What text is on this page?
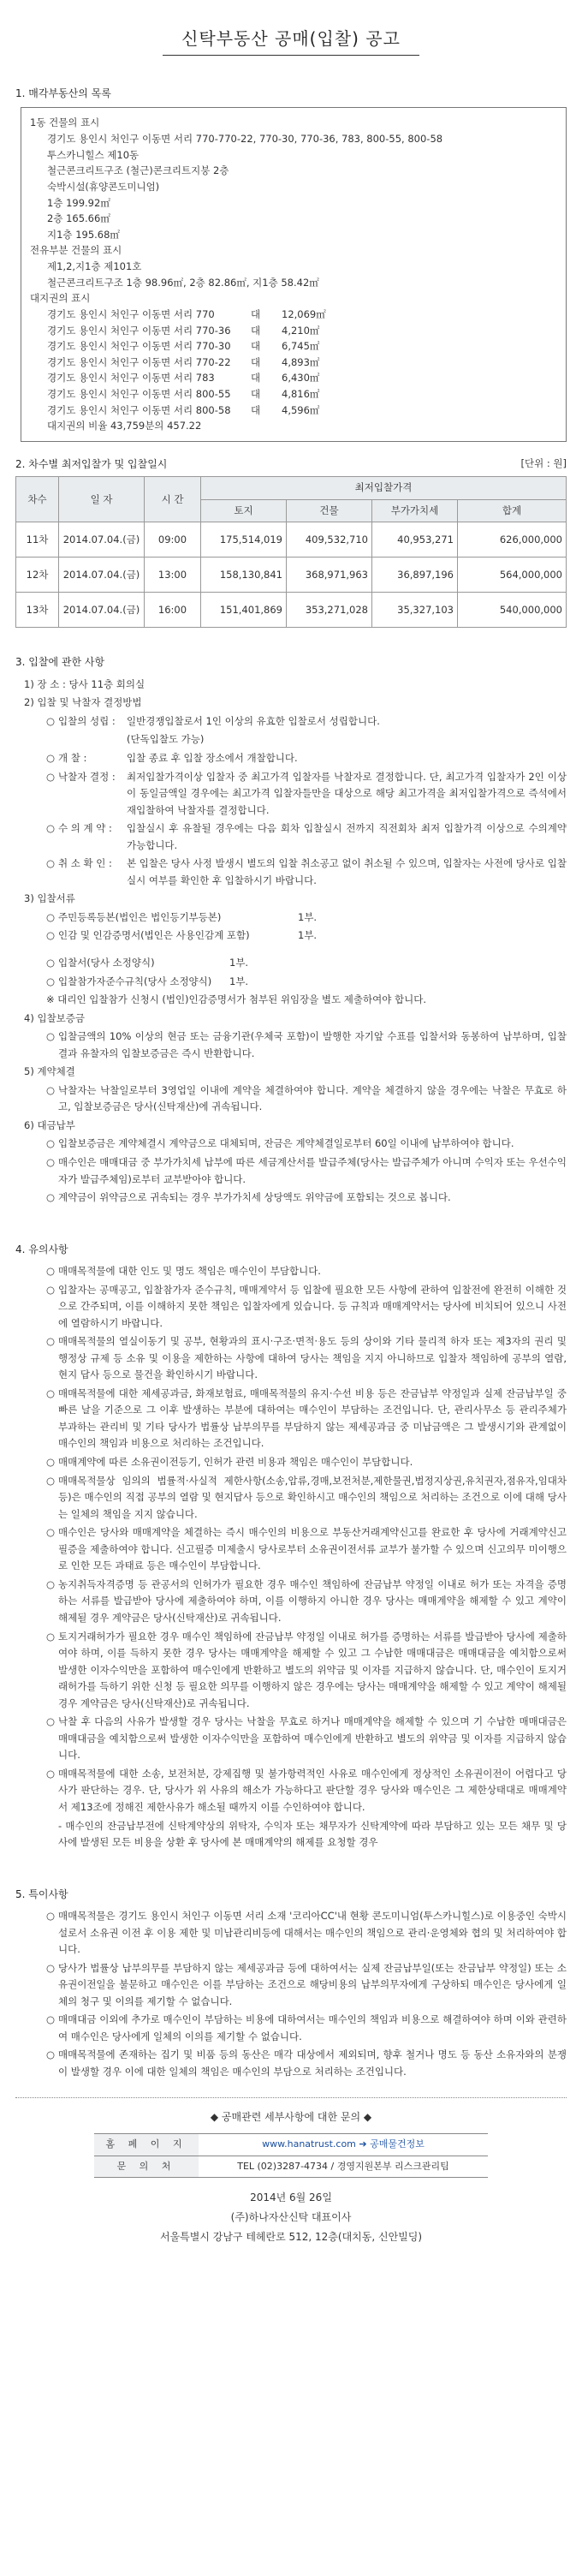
신탁부동산 공매(입찰) 공고
1. 매각부동산의 목록
1동 건물의 표시
경기도 용인시 처인구 이동면 서리 770-770-22, 770-30, 770-36, 783, 800-55, 800-58
투스카니힐스 제10동
철근콘크리트구조 (철근)콘크리트지붕 2층
숙박시설(휴양콘도미니엄)
1층 199.92㎡
2층 165.66㎡
지1층 195.68㎡
전유부분 건물의 표시
제1,2,지1층 제101호
철근콘크리트구조 1층 98.96㎡, 2층 82.86㎡, 지1층 58.42㎡
대지권의 표시
경기도 용인시 처인구 이동면 서리 770	대	12,069㎡
경기도 용인시 처인구 이동면 서리 770-36	대	4,210㎡
경기도 용인시 처인구 이동면 서리 770-30	대	6,745㎡
경기도 용인시 처인구 이동면 서리 770-22	대	4,893㎡
경기도 용인시 처인구 이동면 서리 783	대	6,430㎡
경기도 용인시 처인구 이동면 서리 800-55	대	4,816㎡
경기도 용인시 처인구 이동면 서리 800-58	대	4,596㎡
대지권의 비율 43,759분의 457.22
2. 차수별 최저입찰가 및 입찰일시	[단위 : 원]
차수	일 자	시 간	최저입찰가격			
			토지	건물	부가가치세	합계
11차	2014.07.04.(금)	09:00	175,514,019	409,532,710	40,953,271	626,000,000
12차	2014.07.04.(금)	13:00	158,130,841	368,971,963	36,897,196	564,000,000
13차	2014.07.04.(금)	16:00	151,401,869	353,271,028	35,327,103	540,000,000
3. 입찰에 관한 사항
1) 장 소 : 당사 11층 회의실
2) 입찰 및 낙찰자 결정방법
○ 입찰의 성립 :	일반경쟁입찰로서 1인 이상의 유효한 입찰로서 성립합니다.
(단독입찰도 가능)
○ 개 찰 :	입찰 종료 후 입찰 장소에서 개찰합니다.
○ 낙찰자 결정 :	최저입찰가격이상 입찰자 중 최고가격 입찰자를 낙찰자로 결정합니다. 단, 최고가격 입찰자가 2인 이상이 동일금액일 경우에는 최고가격 입찰자들만을 대상으로 해당 최고가격을 최저입찰가격으로 즉석에서 재입찰하여 낙찰자를 결정합니다.
○ 수 의 계 약 :	입찰실시 후 유찰될 경우에는 다음 회차 입찰실시 전까지 직전회차 최저 입찰가격 이상으로 수의계약 가능합니다.
○ 취 소 확 인 :	본 입찰은 당사 사정 발생시 별도의 입찰 취소공고 없이 취소될 수 있으며, 입찰자는 사전에 당사로 입찰 실시 여부를 확인한 후 입찰하시기 바랍니다.
3) 입찰서류
○ 주민등록등본(법인은 법인등기부등본)	1부.
○ 인감 및 인감증명서(법인은 사용인감계 포함)	1부.
○ 입찰서(당사 소정양식)	1부.
○ 입찰참가자준수규칙(당사 소정양식)	1부.
※ 대리인 입찰참가 신청시 (법인)인감증명서가 첨부된 위임장을 별도 제출하여야 합니다.
4) 입찰보증금
○ 입찰금액의 10% 이상의 현금 또는 금융기관(우체국 포함)이 발행한 자기앞 수표를 입찰서와 동봉하여 납부하며, 입찰결과 유찰자의 입찰보증금은 즉시 반환합니다.
5) 계약체결
○ 낙찰자는 낙찰일로부터 3영업일 이내에 계약을 체결하여야 합니다. 계약을 체결하지 않을 경우에는 낙찰은 무효로 하고, 입찰보증금은 당사(신탁재산)에 귀속됩니다.
6) 대금납부
○ 입찰보증금은 계약체결시 계약금으로 대체되며, 잔금은 계약체결일로부터 60일 이내에 납부하여야 합니다.
○ 매수인은 매매대금 중 부가가치세 납부에 따른 세금계산서를 발급주체(당사는 발급주체가 아니며 수익자 또는 우선수익자가 발급주체임)로부터 교부받아야 합니다.
○ 계약금이 위약금으로 귀속되는 경우 부가가치세 상당액도 위약금에 포함되는 것으로 봅니다.
4. 유의사항
○ 매매목적물에 대한 인도 및 명도 책임은 매수인이 부담합니다.
○ 입찰자는 공매공고, 입찰참가자 준수규칙, 매매계약서 등 입찰에 필요한 모든 사항에 관하여 입찰전에 완전히 이해한 것으로 간주되며, 이를 이해하지 못한 책임은 입찰자에게 있습니다. 등 규칙과 매매계약서는 당사에 비치되어 있으니 사전에 열람하시기 바랍니다.
○ 매매목적물의 열실이동기 및 공부, 현황과의 표시·구조·면적·용도 등의 상이와 기타 물리적 하자 또는 제3자의 권리 및 행정상 규제 등 소유 및 이용을 제한하는 사항에 대하여 당사는 책임을 지지 아니하므로 입찰자 책임하에 공부의 열람, 현지 답사 등으로 물건을 확인하시기 바랍니다.
○ 매매목적물에 대한 제세공과금, 화재보험료, 매매목적물의 유지·수선 비용 등은 잔금납부 약정일과 실제 잔금납부일 중 빠른 날을 기준으로 그 이후 발생하는 부분에 대하여는 매수인이 부담하는 조건입니다. 단, 관리사무소 등 관리주체가 부과하는 관리비 및 기타 당사가 법률상 납부의무를 부담하지 않는 제세공과금 중 미납금액은 그 발생시기와 관계없이 매수인의 책임과 비용으로 처리하는 조건입니다.
○ 매매계약에 따른 소유권이전등기, 인허가 관련 비용과 책임은 매수인이 부담합니다.
○ 매매목적물상 임의의 법률적·사실적 제한사항(소송,압류,경매,보전처분,제한물권,법정지상권,유치권자,점유자,임대차 등)은 매수인의 직접 공부의 열람 및 현지답사 등으로 확인하시고 매수인의 책임으로 처리하는 조건으로 이에 대해 당사는 일체의 책임을 지지 않습니다.
○ 매수인은 당사와 매매계약을 체결하는 즉시 매수인의 비용으로 부동산거래계약신고를 완료한 후 당사에 거래계약신고필증을 제출하여야 합니다. 신고필증 미제출시 당사로부터 소유권이전서류 교부가 불가할 수 있으며 신고의무 미이행으로 인한 모든 과태료 등은 매수인이 부담합니다.
○ 농지취득자격증명 등 관공서의 인허가가 필요한 경우 매수인 책임하에 잔금납부 약정일 이내로 허가 또는 자격을 증명하는 서류를 발급받아 당사에 제출하여야 하며, 이를 이행하지 아니한 경우 당사는 매매계약을 해제할 수 있고 계약이 해제될 경우 계약금은 당사(신탁재산)로 귀속됩니다.
○ 토지거래허가가 필요한 경우 매수인 책임하에 잔금납부 약정일 이내로 허가를 증명하는 서류를 발급받아 당사에 제출하여야 하며, 이를 득하지 못한 경우 당사는 매매계약을 해제할 수 있고 그 수납한 매매대금은 매매대금을 예치함으로써 발생한 이자수익만을 포함하여 매수인에게 반환하고 별도의 위약금 및 이자를 지급하지 않습니다. 단, 매수인이 토지거래허가를 득하기 위한 신청 등 필요한 의무를 이행하지 않은 경우에는 당사는 매매계약을 해제할 수 있고 계약이 해제될 경우 계약금은 당사(신탁재산)로 귀속됩니다.
○ 낙찰 후 다음의 사유가 발생할 경우 당사는 낙찰을 무효로 하거나 매매계약을 해제할 수 있으며 기 수납한 매매대금은 매매대금을 예치함으로써 발생한 이자수익만을 포함하여 매수인에게 반환하고 별도의 위약금 및 이자를 지급하지 않습니다.
○ 매매목적물에 대한 소송, 보전처분, 강제집행 및 불가항력적인 사유로 매수인에게 정상적인 소유권이전이 어렵다고 당사가 판단하는 경우. 단, 당사가 위 사유의 해소가 가능하다고 판단할 경우 당사와 매수인은 그 제한상태대로 매매계약서 제13조에 정해진 제한사유가 해소될 때까지 이를 수인하여야 합니다.
- 매수인의 잔금납부전에 신탁계약상의 위탁자, 수익자 또는 채무자가 신탁계약에 따라 부담하고 있는 모든 채무 및 당사에 발생된 모든 비용을 상환 후 당사에 본 매매계약의 해제를 요청할 경우
5. 특이사항
○ 매매목적물은 경기도 용인시 처인구 이동면 서리 소재 '코리아CC'내 현황 콘도미니엄(투스카니힐스)로 이용중인 숙박시설로서 소유권 이전 후 이용 제한 및 미납관리비등에 대해서는 매수인의 책임으로 관리·운영체와 협의 및 처리하여야 합니다.
○ 당사가 법률상 납부의무를 부담하지 않는 제세공과금 등에 대하여서는 실제 잔금납부일(또는 잔금납부 약정일) 또는 소유권이전일을 불문하고 매수인은 이를 부담하는 조건으로 해당비용의 납부의무자에게 구상하되 매수인은 당사에게 일체의 청구 및 이의를 제기할 수 없습니다.
○ 매매대금 이외에 추가로 매수인이 부담하는 비용에 대하여서는 매수인의 책임과 비용으로 해결하여야 하며 이와 관련하여 매수인은 당사에게 일체의 이의를 제기할 수 없습니다.
○ 매매목적물에 존재하는 집기 및 비품 등의 동산은 매각 대상에서 제외되며, 향후 철거나 명도 등 동산 소유자와의 분쟁이 발생할 경우 이에 대한 일체의 책임은 매수인의 부담으로 처리하는 조건입니다.
◆ 공매관련 세부사항에 대한 문의 ◆
홈 페 이 지	www.hanatrust.com ➔ 공매물건정보
문 의 처	TEL (02)3287-4734 / 경영지원본부 리스크관리팀
2014년 6월 26일
(주)하나자산신탁 대표이사
서울특별시 강남구 테헤란로 512, 12층(대치동, 신안빌딩)
